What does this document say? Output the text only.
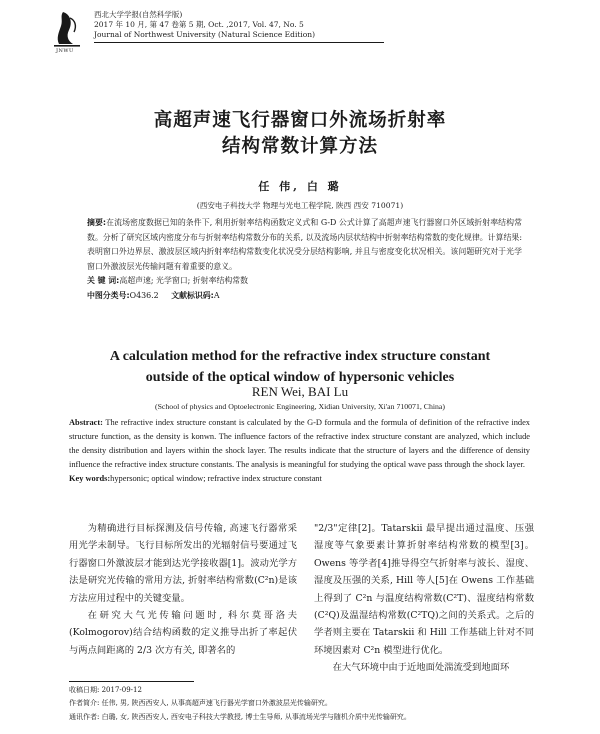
JNWU
西北大学学报(自然科学版)
2017 年 10 月, 第 47 卷第 5 期, Oct. ,2017, Vol. 47, No. 5
Journal of Northwest University (Natural Science Edition)
高超声速飞行器窗口外流场折射率
结构常数计算方法
任 伟, 白 璐
(西安电子科技大学 物理与光电工程学院, 陕西 西安 710071)

摘要:在流场密度数据已知的条件下, 利用折射率结构函数定义式和 G-D 公式计算了高超声速飞行器窗口外区域折射率结构常数。分析了研究区域内密度分布与折射率结构常数分布的关系, 以及流场内层状结构中折射率结构常数的变化规律。计算结果: 表明窗口外边界层、激波层区域内折射率结构常数变化状况受分层结构影响, 并且与密度变化状况相关。该问题研究对于光学窗口外激波层光传输问题有着重要的意义。

关 键 词:高超声速; 光学窗口; 折射率结构常数

中图分类号:O436.2 文献标识码:A

A calculation method for the refractive index structure constant
outside of the optical window of hypersonic vehicles
REN Wei, BAI Lu
(School of physics and Optoelectronic Engineering, Xidian University, Xi'an 710071, China)

Abstract: The refractive index structure constant is calculated by the G-D formula and the formula of definition of the refractive index structure function, as the density is konwn. The influence factors of the refractive index structure constant are analyzed, which include the density distribution and layers within the shock layer. The results indicate that the structure of layers and the difference of density influence the refractive index structure constants. The analysis is meaningful for studying the optical wave pass through the shock layer.

Key words:hypersonic; optical window; refractive index structure constant

为精确进行目标探测及信号传输, 高速飞行器常采用光学未制导。飞行目标所发出的光辐射信号要通过飞行器窗口外激波层才能到达光学接收器[1]。波动光学方法是研究光传输的常用方法, 折射率结构常数(C²n)是该方法应用过程中的关键变量。

在研究大气光传输问题时, 科尔莫哥洛夫(Kolmogorov)结合结构函数的定义推导出折了率起伏与两点间距离的 2/3 次方有关, 即著名的

"2/3"定律[2]。Tatarskii 最早提出通过温度、压强湿度等气象要素计算折射率结构常数的模型[3]。Owens 等学者[4]推导得空气折射率与波长、湿度、湿度及压强的关系, Hill 等人[5]在 Owens 工作基础上得到了 C²n 与温度结构常数(C²T)、湿度结构常数(C²Q)及温湿结构常数(C²TQ)之间的关系式。之后的学者则主要在 Tatarskii 和 Hill 工作基础上针对不同环境因素对 C²n 模型进行优化。

在大气环境中由于近地面处湍流受到地面环

收稿日期: 2017-09-12

作者简介: 任伟, 男, 陕西西安人, 从事高超声速飞行器光学窗口外激波层光传输研究。

通讯作者: 白璐, 女, 陕西西安人, 西安电子科技大学教授, 博士生导师, 从事流场光学与随机介质中光传输研究。
